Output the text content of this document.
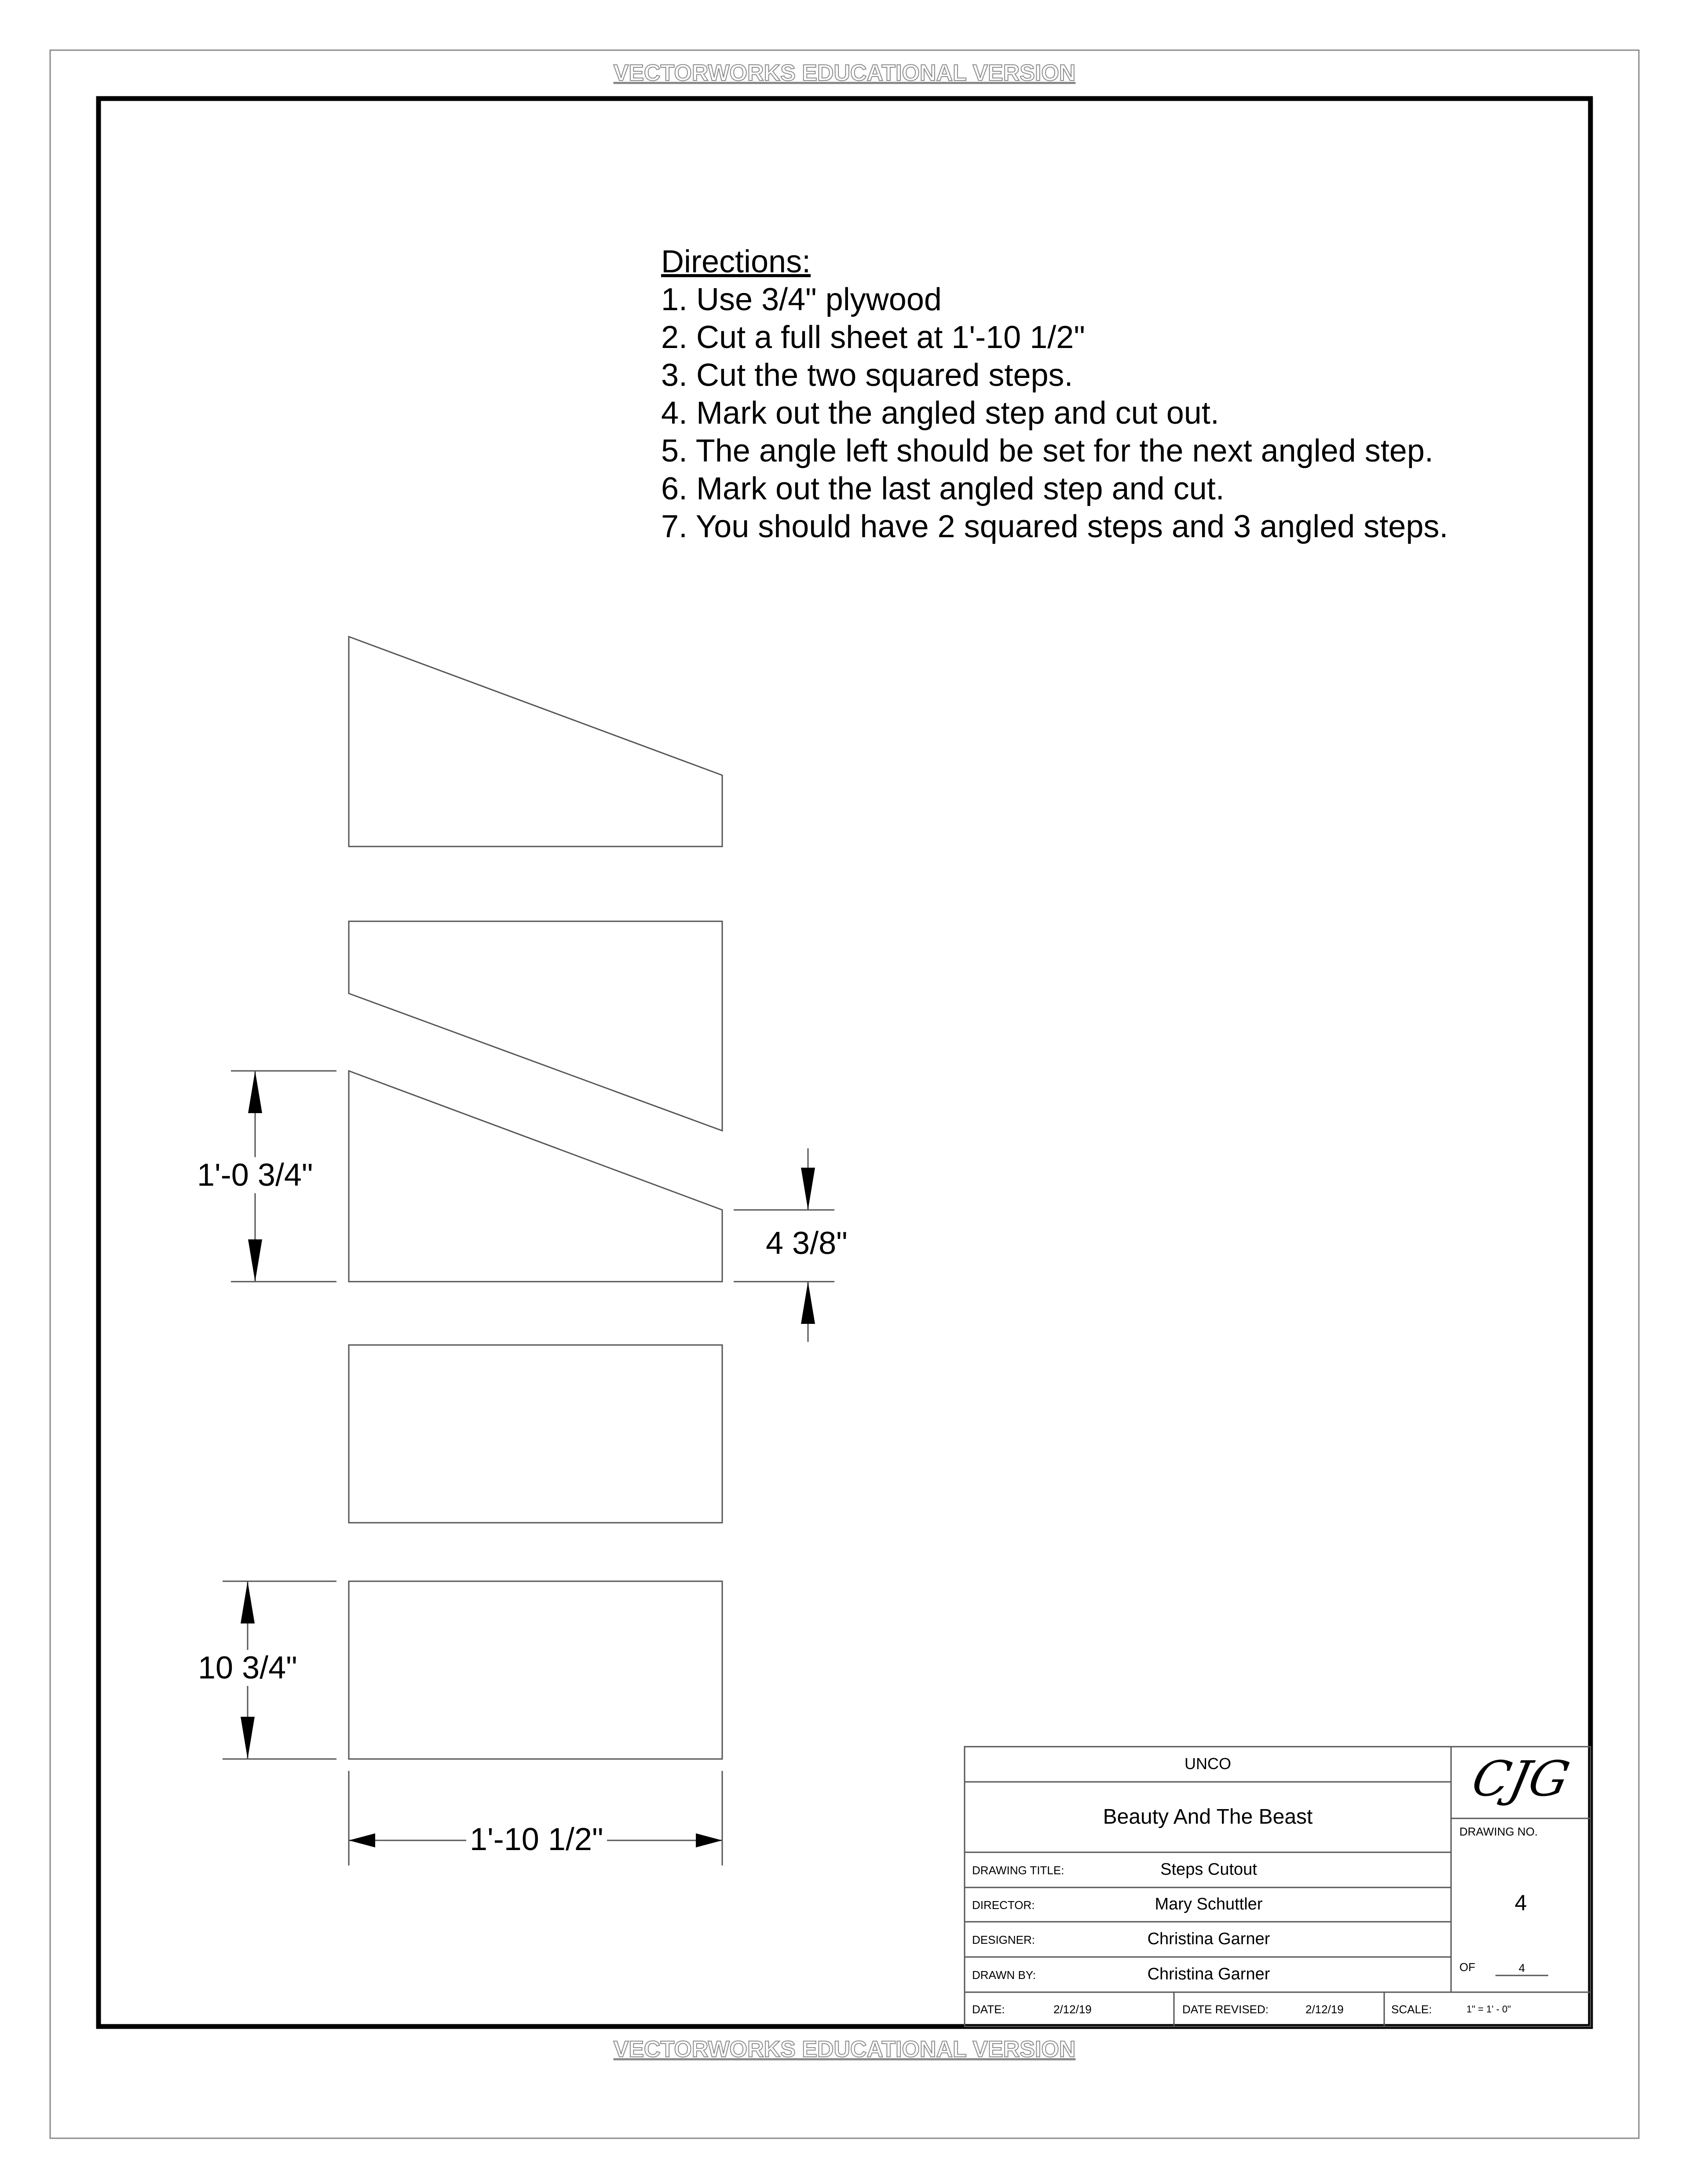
VECTORWORKS EDUCATIONAL VERSION
VECTORWORKS EDUCATIONAL VERSION
Directions:
1. Use 3/4" plywood
2. Cut a full sheet at 1'-10 1/2"
3. Cut the two squared steps.
4. Mark out the angled step and cut out.
5. The angle left should be set for the next angled step.
6. Mark out the last angled step and cut.
7. You should have 2 squared steps and 3 angled steps.
1'-0 3/4"
4 3/8"
10 3/4"
1'-10 1/2"
UNCO
Beauty And The Beast
CJG
DRAWING NO.
4
OF	4
DRAWING TITLE:	Steps Cutout
DIRECTOR:	Mary Schuttler
DESIGNER:	Christina Garner
DRAWN BY:	Christina Garner
DATE:	2/12/19	DATE REVISED:	2/12/19	SCALE:	1" = 1' - 0"
